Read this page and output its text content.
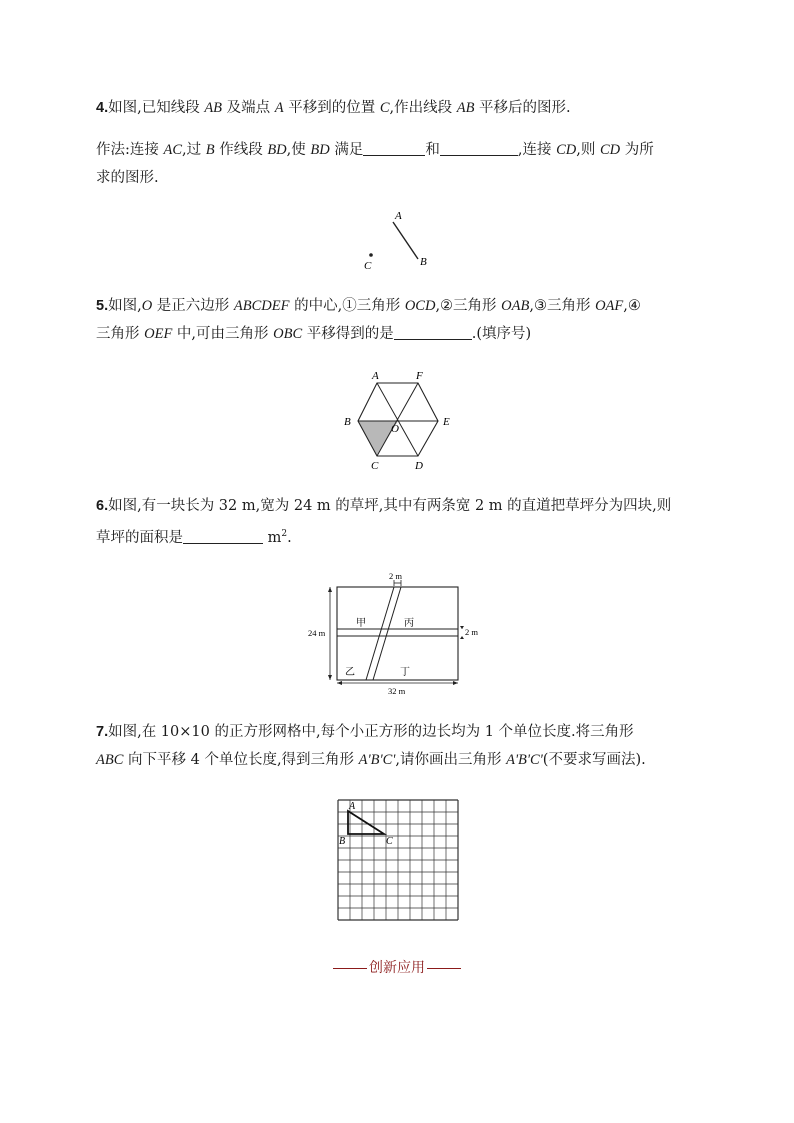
4.如图,已知线段 AB 及端点 A 平移到的位置 C,作出线段 AB 平移后的图形.
作法:连接 AC,过 B 作线段 BD,使 BD 满足	和	,连接 CD,则 CD 为所
求的图形.
A
B
C
5.如图,O 是正六边形 ABCDEF 的中心,①三角形 OCD,②三角形 OAB,③三角形 OAF,④
三角形 OEF 中,可由三角形 OBC 平移得到的是	.(填序号)
A	F
B
O
E
C	D
6.如图,有一块长为 32 m,宽为 24 m 的草坪,其中有两条宽 2 m 的直道把草坪分为四块,则
草坪的面积是	$m^2$.
2 m
2 m
24 m
32 m
甲	丙
乙	丁
7.如图,在 10×10 的正方形网格中,每个小正方形的边长均为 1 个单位长度.将三角形
ABC 向下平移 4 个单位长度,得到三角形 A'B'C',请你画出三角形 A'B'C'(不要求写画法).
A
B	C
创新应用
